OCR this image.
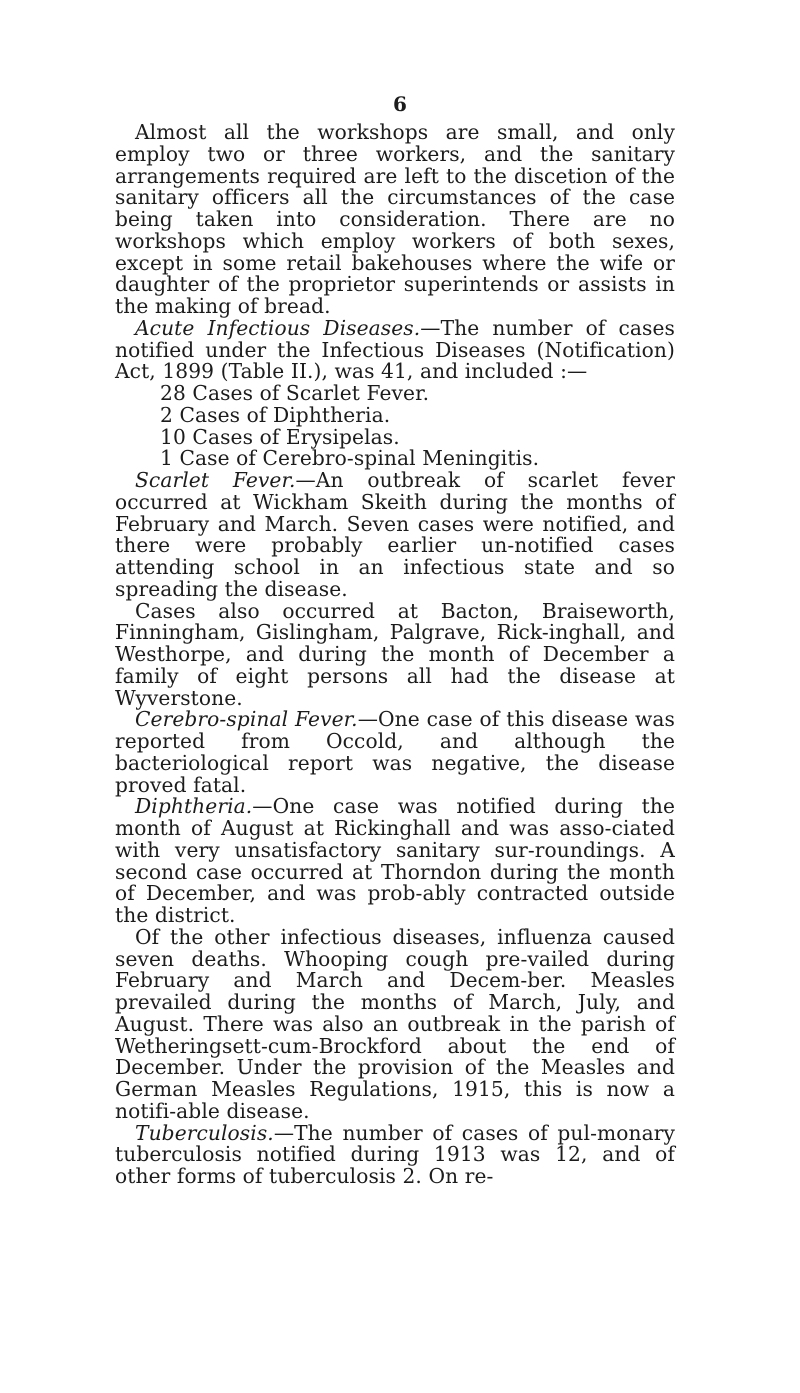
6

Almost all the workshops are small, and only employ two or three workers, and the sanitary arrangements required are left to the discetion of the sanitary officers all the circumstances of the case being taken into consideration. There are no workshops which employ workers of both sexes, except in some retail bakehouses where the wife or daughter of the proprietor superintends or assists in the making of bread.

Acute Infectious Diseases.—The number of cases notified under the Infectious Diseases (Notification) Act, 1899 (Table II.), was 41, and included :—

28 Cases of Scarlet Fever.
2 Cases of Diphtheria.
10 Cases of Erysipelas.
1 Case of Cerebro-spinal Meningitis.

Scarlet Fever.—An outbreak of scarlet fever occurred at Wickham Skeith during the months of February and March. Seven cases were notified, and there were probably earlier un-notified cases attending school in an infectious state and so spreading the disease.

Cases also occurred at Bacton, Braiseworth, Finningham, Gislingham, Palgrave, Rick-inghall, and Westhorpe, and during the month of December a family of eight persons all had the disease at Wyverstone.

Cerebro-spinal Fever.—One case of this disease was reported from Occold, and although the bacteriological report was negative, the disease proved fatal.

Diphtheria.—One case was notified during the month of August at Rickinghall and was asso-ciated with very unsatisfactory sanitary sur-roundings. A second case occurred at Thorndon during the month of December, and was prob-ably contracted outside the district.

Of the other infectious diseases, influenza caused seven deaths. Whooping cough pre-vailed during February and March and Decem-ber. Measles prevailed during the months of March, July, and August. There was also an outbreak in the parish of Wetheringsett-cum-Brockford about the end of December. Under the provision of the Measles and German Measles Regulations, 1915, this is now a notifi-able disease.

Tuberculosis.—The number of cases of pul-monary tuberculosis notified during 1913 was 12, and of other forms of tuberculosis 2. On re-
